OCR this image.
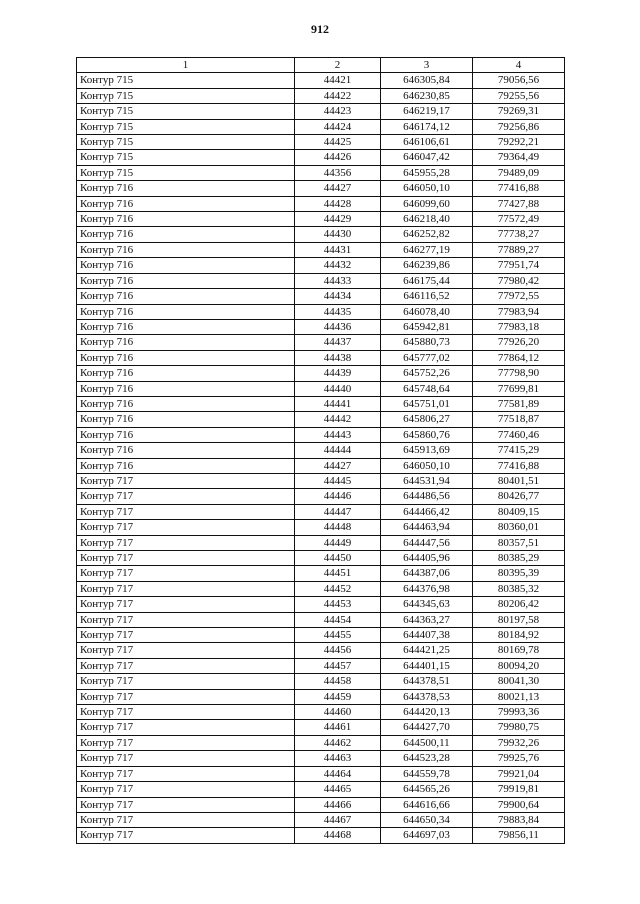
912
1	2	3	4
Контур 715	44421	646305,84	79056,56
Контур 715	44422	646230,85	79255,56
Контур 715	44423	646219,17	79269,31
Контур 715	44424	646174,12	79256,86
Контур 715	44425	646106,61	79292,21
Контур 715	44426	646047,42	79364,49
Контур 715	44356	645955,28	79489,09
Контур 716	44427	646050,10	77416,88
Контур 716	44428	646099,60	77427,88
Контур 716	44429	646218,40	77572,49
Контур 716	44430	646252,82	77738,27
Контур 716	44431	646277,19	77889,27
Контур 716	44432	646239,86	77951,74
Контур 716	44433	646175,44	77980,42
Контур 716	44434	646116,52	77972,55
Контур 716	44435	646078,40	77983,94
Контур 716	44436	645942,81	77983,18
Контур 716	44437	645880,73	77926,20
Контур 716	44438	645777,02	77864,12
Контур 716	44439	645752,26	77798,90
Контур 716	44440	645748,64	77699,81
Контур 716	44441	645751,01	77581,89
Контур 716	44442	645806,27	77518,87
Контур 716	44443	645860,76	77460,46
Контур 716	44444	645913,69	77415,29
Контур 716	44427	646050,10	77416,88
Контур 717	44445	644531,94	80401,51
Контур 717	44446	644486,56	80426,77
Контур 717	44447	644466,42	80409,15
Контур 717	44448	644463,94	80360,01
Контур 717	44449	644447,56	80357,51
Контур 717	44450	644405,96	80385,29
Контур 717	44451	644387,06	80395,39
Контур 717	44452	644376,98	80385,32
Контур 717	44453	644345,63	80206,42
Контур 717	44454	644363,27	80197,58
Контур 717	44455	644407,38	80184,92
Контур 717	44456	644421,25	80169,78
Контур 717	44457	644401,15	80094,20
Контур 717	44458	644378,51	80041,30
Контур 717	44459	644378,53	80021,13
Контур 717	44460	644420,13	79993,36
Контур 717	44461	644427,70	79980,75
Контур 717	44462	644500,11	79932,26
Контур 717	44463	644523,28	79925,76
Контур 717	44464	644559,78	79921,04
Контур 717	44465	644565,26	79919,81
Контур 717	44466	644616,66	79900,64
Контур 717	44467	644650,34	79883,84
Контур 717	44468	644697,03	79856,11
